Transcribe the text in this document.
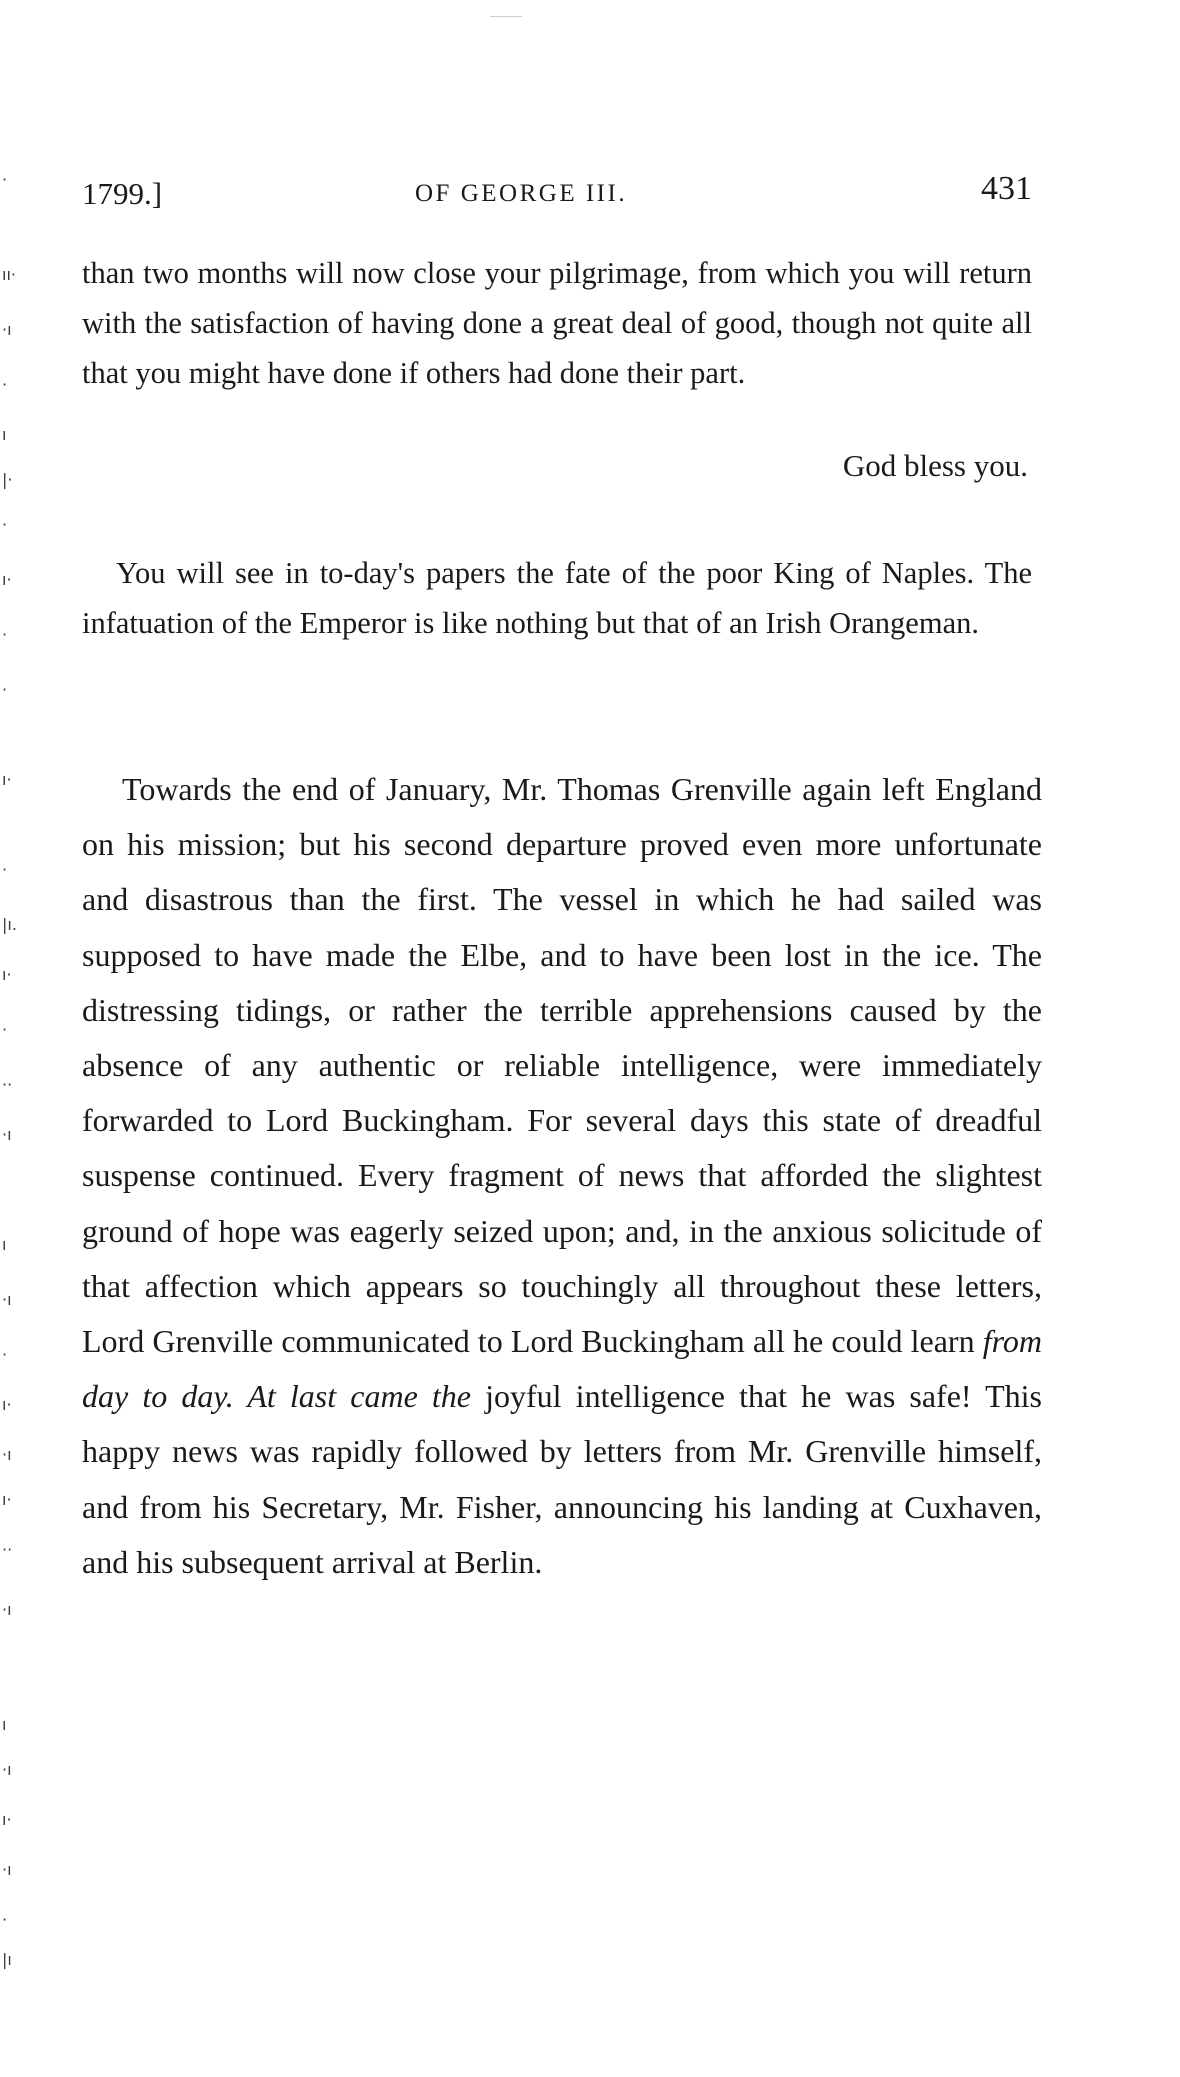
1799.]	OF GEORGE III.	431

than two months will now close your pilgrimage, from which you will return with the satisfaction of having done a great deal of good, though not quite all that you might have done if others had done their part.

God bless you.

You will see in to-day's papers the fate of the poor King of Naples. The infatuation of the Emperor is like nothing but that of an Irish Orangeman.

Towards the end of January, Mr. Thomas Grenville again left England on his mission; but his second departure proved even more unfortunate and disastrous than the first. The vessel in which he had sailed was supposed to have made the Elbe, and to have been lost in the ice. The distressing tidings, or rather the terrible apprehensions caused by the absence of any authentic or reliable intelligence, were immediately forwarded to Lord Buckingham. For several days this state of dreadful suspense continued. Every fragment of news that afforded the slightest ground of hope was eagerly seized upon; and, in the anxious solicitude of that affection which appears so touchingly all throughout these letters, Lord Grenville communicated to Lord Buckingham all he could learn from day to day. At last came the joyful intelligence that he was safe! This happy news was rapidly followed by letters from Mr. Grenville himself, and from his Secretary, Mr. Fisher, announcing his landing at Cuxhaven, and his subsequent arrival at Berlin.

·
ıı·
·ı
·
ı
|·
·
ı·
·
·
ı·
·
|ı.
ı·
·
··
·ı
ı
·ı
·
ı·
·ı
ı·
··
·ı
ı
·ı
ı·
·ı
·
|ı
